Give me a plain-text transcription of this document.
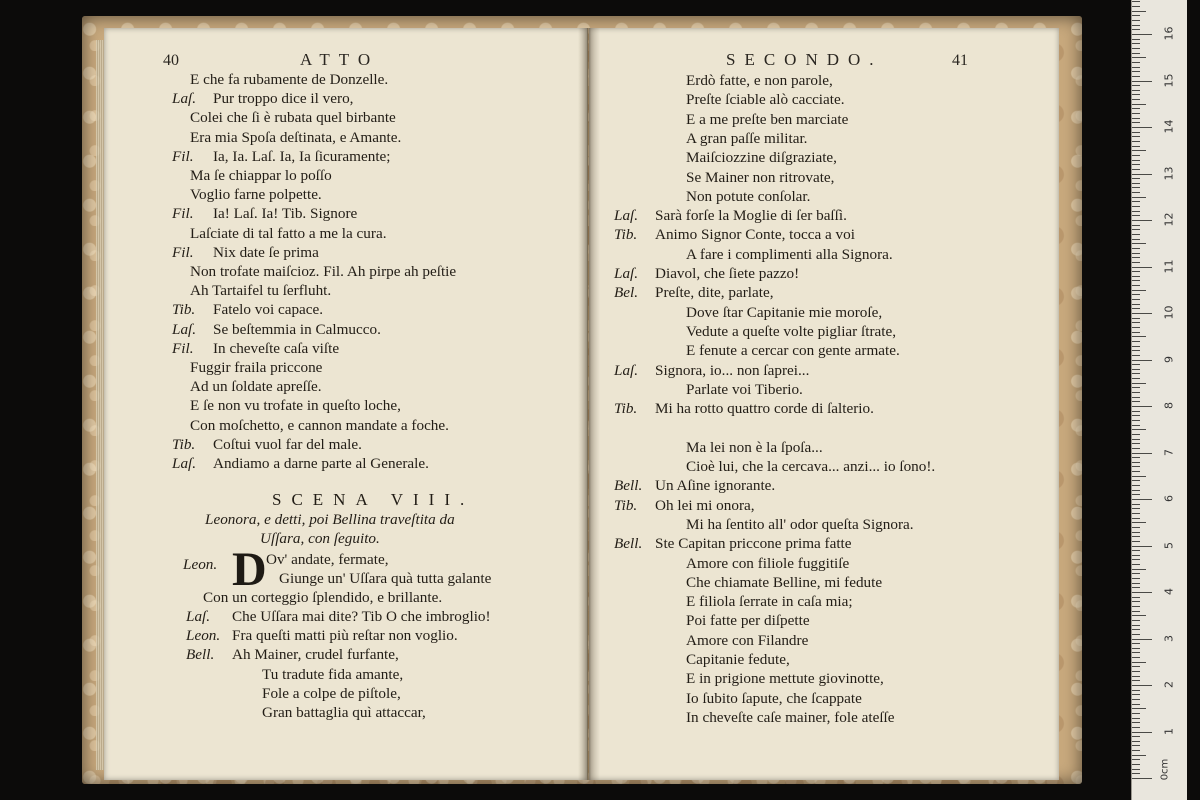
40	ATTO	SECONDO.	41
E che fa rubamente de Donzelle.
Laſ. Pur troppo dice il vero,
Colei che ſi è rubata quel birbante
Era mia Spoſa deſtinata, e Amante.
Fil. Ia, Ia. Laſ. Ia, Ia ſicuramente;
Ma ſe chiappar lo poſſo
Voglio farne polpette.
Fil. Ia! Laſ. Ia! Tib. Signore
Laſciate di tal fatto a me la cura.
Fil. Nix date ſe prima
Non trofate maiſcioz. Fil. Ah pirpe ah peſtie
Ah Tartaifel tu ſerfluht.
Tib. Fatelo voi capace.
Laſ. Se beſtemmia in Calmucco.
Fil. In cheveſte caſa viſte
Fuggir fraila priccone
Ad un ſoldate apreſſe.
E ſe non vu trofate in queſto loche,
Con moſchetto, e cannon mandate a foche.
Tib. Coſtui vuol far del male.
Laſ. Andiamo a darne parte al Generale.
SCENA VIII.
Leonora, e detti, poi Bellina traveſtita da
Uſſara, con ſeguito.
Leon. D Ov' andate, fermate,
Giunge un' Uſſara quà tutta galante
Con un corteggio ſplendido, e brillante.
Laſ. Che Uſſara mai dite? Tib O che imbroglio!
Leon. Fra queſti matti più reſtar non voglio.
Bell. Ah Mainer, crudel furfante,
Tu tradute fida amante,
Fole a colpe de piſtole,
Gran battaglia quì attaccar,
Erdò fatte, e non parole,
Preſte ſciable alò cacciate.
E a me preſte ben marciate
A gran paſſe militar.
Maiſciozzine diſgraziate,
Se Mainer non ritrovate,
Non potute conſolar.
Laſ. Sarà forſe la Moglie di ſer baſſì.
Tib. Animo Signor Conte, tocca a voi
A fare i complimenti alla Signora.
Laſ. Diavol, che ſiete pazzo!
Bel. Preſte, dite, parlate,
Dove ſtar Capitanie mie moroſe,
Vedute a queſte volte pigliar ſtrate,
E fenute a cercar con gente armate.
Laſ. Signora, io... non ſaprei...
Parlate voi Tiberio.
Tib. Mi ha rotto quattro corde di ſalterio.
Ma lei non è la ſpoſa...
Cioè lui, che la cercava... anzi... io ſono!.
Bell. Un Aſine ignorante.
Tib. Oh lei mi onora,
Mi ha ſentito all' odor queſta Signora.
Bell. Ste Capitan priccone prima fatte
Amore con filiole fuggitiſe
Che chiamate Belline, mi fedute
E filiola ſerrate in caſa mia;
Poi fatte per diſpette
Amore con Filandre
Capitanie fedute,
E in prigione mettute giovinotte,
Io ſubito ſapute, che ſcappate
In cheveſte caſe mainer, fole ateſſe
0cm
1
2
3
4
5
6
7
8
9
10
11
12
13
14
15
16
